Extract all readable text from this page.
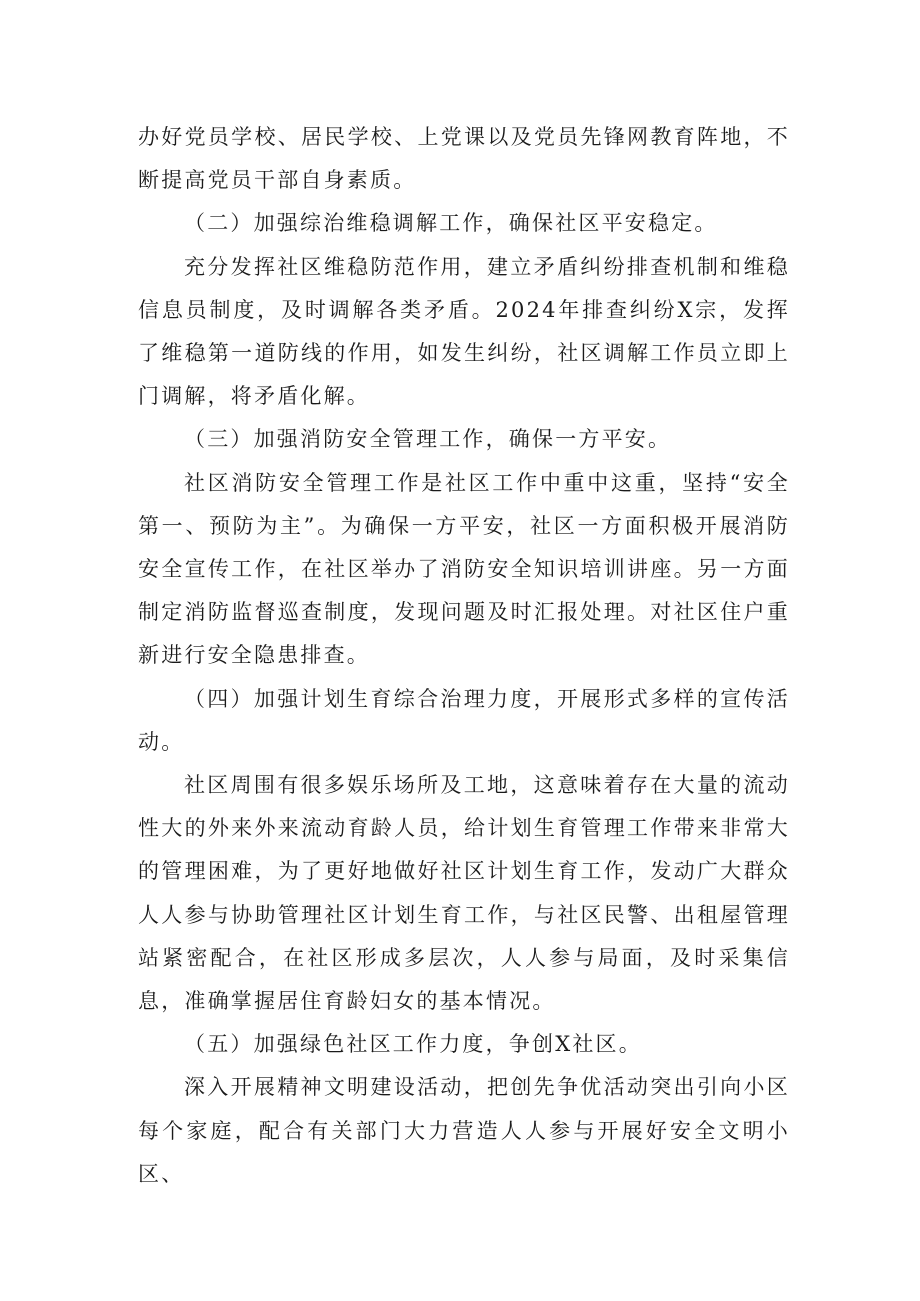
办好党员学校、居民学校、上党课以及党员先锋网教育阵地，不断提高党员干部自身素质。

（二）加强综治维稳调解工作，确保社区平安稳定。

充分发挥社区维稳防范作用，建立矛盾纠纷排查机制和维稳信息员制度，及时调解各类矛盾。2024年排查纠纷X宗，发挥了维稳第一道防线的作用，如发生纠纷，社区调解工作员立即上门调解，将矛盾化解。

（三）加强消防安全管理工作，确保一方平安。

社区消防安全管理工作是社区工作中重中这重，坚持“安全第一、预防为主”。为确保一方平安，社区一方面积极开展消防安全宣传工作，在社区举办了消防安全知识培训讲座。另一方面制定消防监督巡查制度，发现问题及时汇报处理。对社区住户重新进行安全隐患排查。

（四）加强计划生育综合治理力度，开展形式多样的宣传活动。

社区周围有很多娱乐场所及工地，这意味着存在大量的流动性大的外来外来流动育龄人员，给计划生育管理工作带来非常大的管理困难，为了更好地做好社区计划生育工作，发动广大群众人人参与协助管理社区计划生育工作，与社区民警、出租屋管理站紧密配合，在社区形成多层次，人人参与局面，及时采集信息，准确掌握居住育龄妇女的基本情况。

（五）加强绿色社区工作力度，争创X社区。

深入开展精神文明建设活动，把创先争优活动突出引向小区每个家庭，配合有关部门大力营造人人参与开展好安全文明小区、
